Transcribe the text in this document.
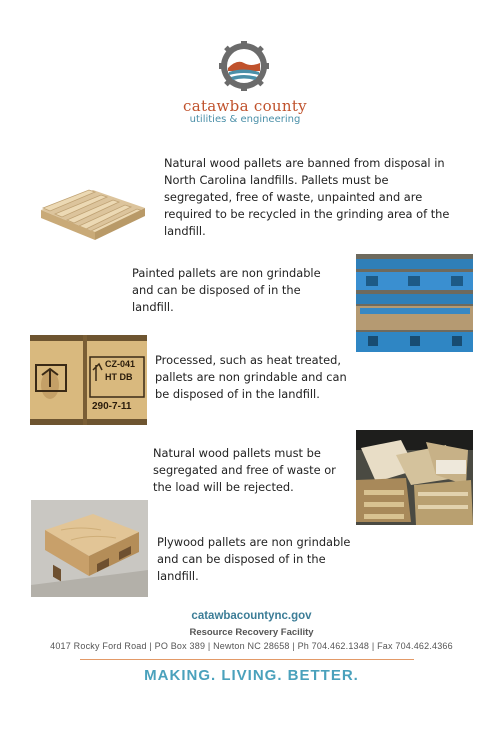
catawba county
utilities & engineering
Natural wood pallets are banned from disposal in North Carolina landfills. Pallets must be segregated, free of waste, unpainted and are required to be recycled in the grinding area of the landfill.
Painted pallets are non grindable and can be disposed of in the landfill.
CZ-041
HT DB
290-7-11
Processed, such as heat treated, pallets are non grindable and can be disposed of in the landfill.
Natural wood pallets must be segregated and free of waste or the load will be rejected.
Plywood pallets are non grindable and can be disposed of in the landfill.
catawbacountync.gov
Resource Recovery Facility
4017 Rocky Ford Road | PO Box 389 | Newton NC 28658 | Ph 704.462.1348 | Fax 704.462.4366
MAKING. LIVING. BETTER.
